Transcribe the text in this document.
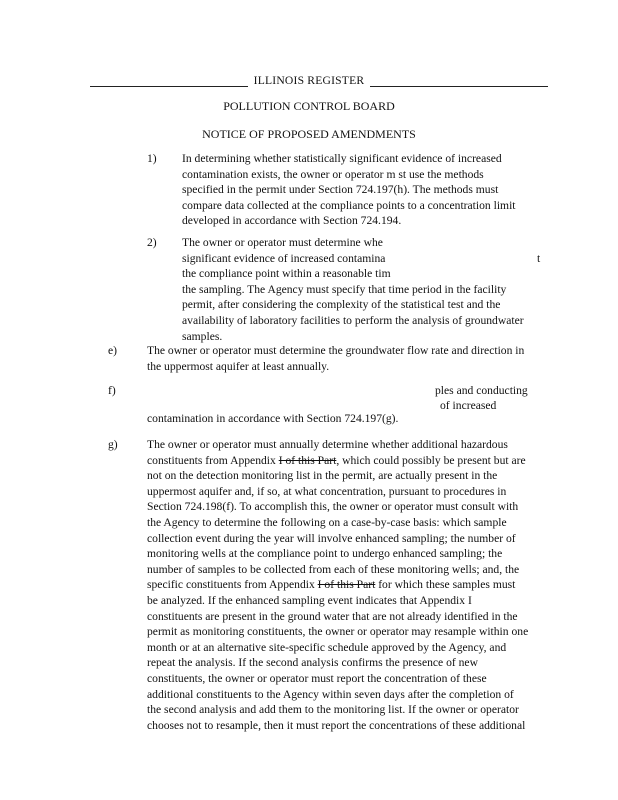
ILLINOIS REGISTER
POLLUTION CONTROL BOARD
NOTICE OF PROPOSED AMENDMENTS
1) In determining whether statistically significant evidence of increased
contamination exists, the owner or operator m st use the methods
specified in the permit under Section 724.197(h). The methods must
compare data collected at the compliance points to a concentration limit
developed in accordance with Section 724.194.
2) The owner or operator must determine whe
significant evidence of increased contamina
the compliance point within a reasonable tim
the sampling. The Agency must specify that time period in the facility
permit, after considering the complexity of the statistical test and the
availability of laboratory facilities to perform the analysis of groundwater
samples.
t
e)	The owner or operator must determine the groundwater flow rate and direction in
the uppermost aquifer at least annually.
f)	ples and conducting
of increased
contamination in accordance with Section 724.197(g).
g)	The owner or operator must annually determine whether additional hazardous
constituents from Appendix I of this Part, which could possibly be present but are
not on the detection monitoring list in the permit, are actually present in the
uppermost aquifer and, if so, at what concentration, pursuant to procedures in
Section 724.198(f). To accomplish this, the owner or operator must consult with
the Agency to determine the following on a case-by-case basis: which sample
collection event during the year will involve enhanced sampling; the number of
monitoring wells at the compliance point to undergo enhanced sampling; the
number of samples to be collected from each of these monitoring wells; and, the
specific constituents from Appendix I of this Part for which these samples must
be analyzed. If the enhanced sampling event indicates that Appendix I
constituents are present in the ground water that are not already identified in the
permit as monitoring constituents, the owner or operator may resample within one
month or at an alternative site-specific schedule approved by the Agency, and
repeat the analysis. If the second analysis confirms the presence of new
constituents, the owner or operator must report the concentration of these
additional constituents to the Agency within seven days after the completion of
the second analysis and add them to the monitoring list. If the owner or operator
chooses not to resample, then it must report the concentrations of these additional
